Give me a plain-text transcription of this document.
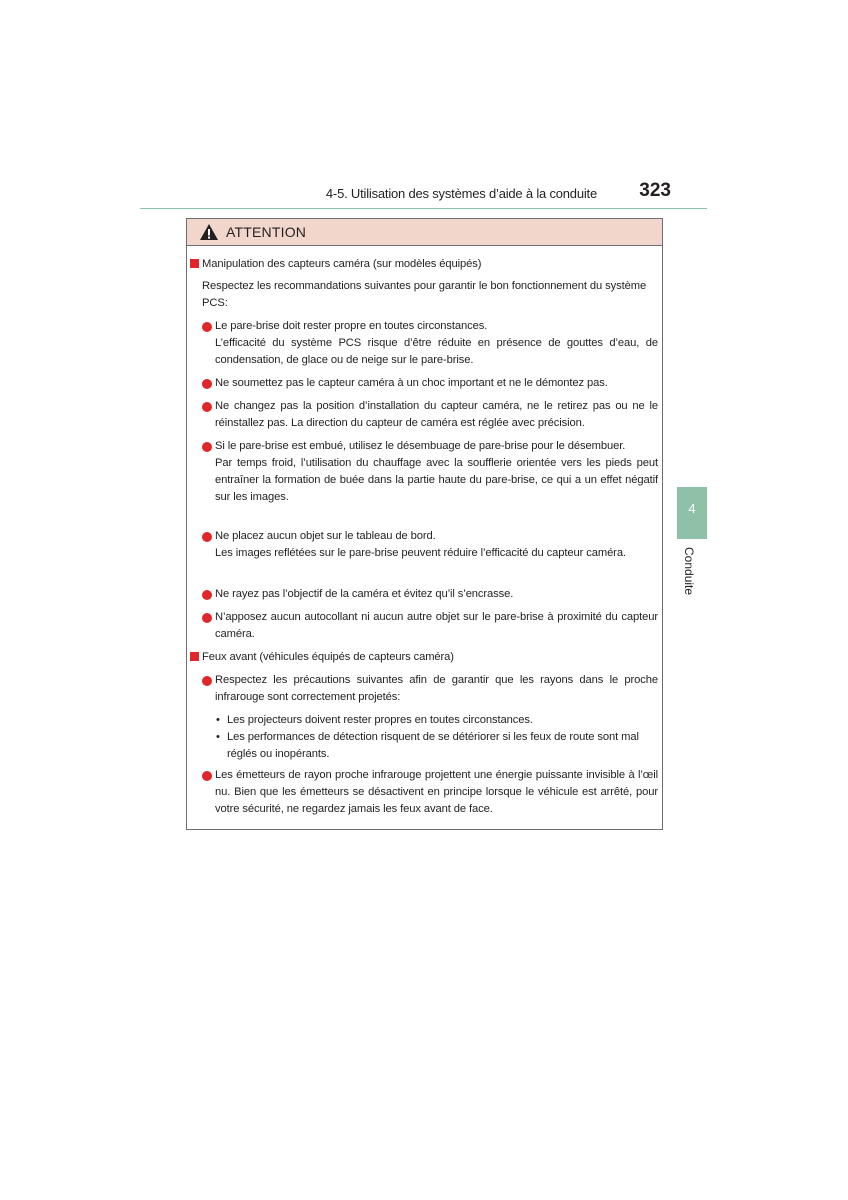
4-5. Utilisation des systèmes d’aide à la conduite 323
4
Conduite
ATTENTION
Manipulation des capteurs caméra (sur modèles équipés)
Respectez les recommandations suivantes pour garantir le bon fonctionnement du système PCS:

Le pare-brise doit rester propre en toutes circonstances.

L’efficacité du système PCS risque d’être réduite en présence de gouttes d’eau, de condensation, de glace ou de neige sur le pare-brise.

Ne soumettez pas le capteur caméra à un choc important et ne le démontez pas.

Ne changez pas la position d’installation du capteur caméra, ne le retirez pas ou ne le réinstallez pas. La direction du capteur de caméra est réglée avec précision.

Si le pare-brise est embué, utilisez le désembuage de pare-brise pour le désembuer.

Par temps froid, l’utilisation du chauffage avec la soufflerie orientée vers les pieds peut entraîner la formation de buée dans la partie haute du pare-brise, ce qui a un effet négatif sur les images.

Ne placez aucun objet sur le tableau de bord.

Les images reflétées sur le pare-brise peuvent réduire l’efficacité du capteur caméra.

Ne rayez pas l’objectif de la caméra et évitez qu’il s’encrasse.

N’apposez aucun autocollant ni aucun autre objet sur le pare-brise à proximité du capteur caméra.

Feux avant (véhicules équipés de capteurs caméra)

Respectez les précautions suivantes afin de garantir que les rayons dans le proche infrarouge sont correctement projetés:

• Les projecteurs doivent rester propres en toutes circonstances.
• Les performances de détection risquent de se détériorer si les feux de route sont mal réglés ou inopérants.

Les émetteurs de rayon proche infrarouge projettent une énergie puissante invisible à l’œil nu. Bien que les émetteurs se désactivent en principe lorsque le véhicule est arrêté, pour votre sécurité, ne regardez jamais les feux avant de face.
